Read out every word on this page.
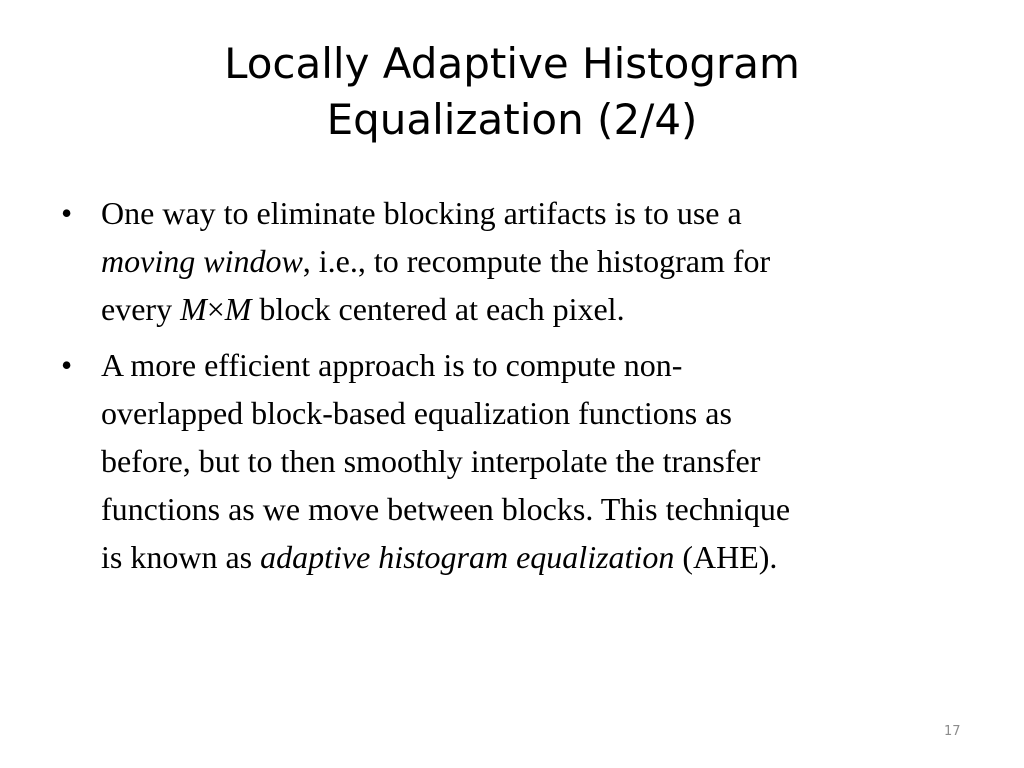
Locally Adaptive Histogram
Equalization (2/4)
• One way to eliminate blocking artifacts is to use a
moving window, i.e., to recompute the histogram for
every M×M block centered at each pixel.
• A more efficient approach is to compute non-
overlapped block-based equalization functions as
before, but to then smoothly interpolate the transfer
functions as we move between blocks. This technique
is known as adaptive histogram equalization (AHE).
17
